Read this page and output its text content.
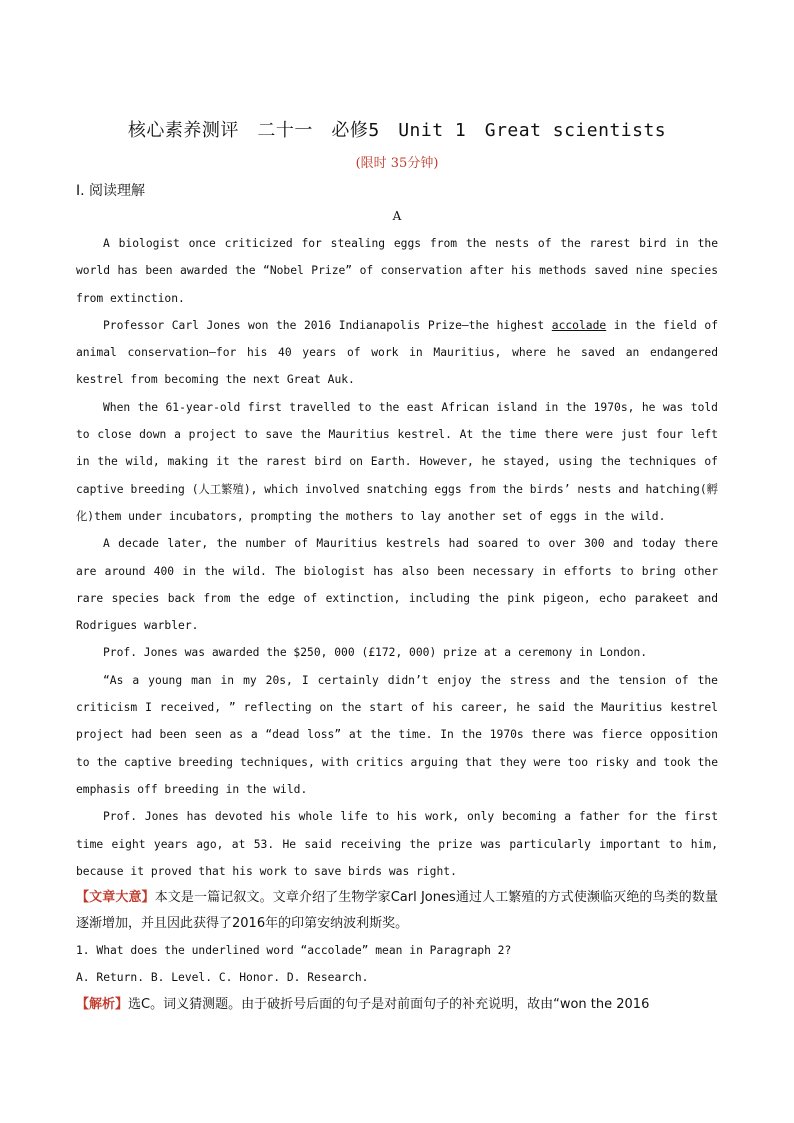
核心素养测评　二十一　必修5　Unit 1　Great scientists
(限时 35分钟)
Ⅰ. 阅读理解
A

A biologist once criticized for stealing eggs from the nests of the rarest bird in the world has been awarded the “Nobel Prize” of conservation after his methods saved nine species from extinction.

Professor Carl Jones won the 2016 Indianapolis Prize—the highest accolade in the field of animal conservation—for his 40 years of work in Mauritius, where he saved an endangered kestrel from becoming the next Great Auk.

When the 61-year-old first travelled to the east African island in the 1970s, he was told to close down a project to save the Mauritius kestrel. At the time there were just four left in the wild, making it the rarest bird on Earth. However, he stayed, using the techniques of captive breeding (人工繁殖), which involved snatching eggs from the birds’ nests and hatching(孵化)them under incubators, prompting the mothers to lay another set of eggs in the wild.

A decade later, the number of Mauritius kestrels had soared to over 300 and today there are around 400 in the wild. The biologist has also been necessary in efforts to bring other rare species back from the edge of extinction, including the pink pigeon, echo parakeet and Rodrigues warbler.

Prof. Jones was awarded the $250, 000 (£172, 000) prize at a ceremony in London.

“As a young man in my 20s, I certainly didn’t enjoy the stress and the tension of the criticism I received, ” reflecting on the start of his career, he said the Mauritius kestrel project had been seen as a “dead loss” at the time. In the 1970s there was fierce opposition to the captive breeding techniques, with critics arguing that they were too risky and took the emphasis off breeding in the wild.

Prof. Jones has devoted his whole life to his work, only becoming a father for the first time eight years ago, at 53. He said receiving the prize was particularly important to him, because it proved that his work to save birds was right.

【文章大意】本文是一篇记叙文。文章介绍了生物学家Carl Jones通过人工繁殖的方式使濒临灭绝的鸟类的数量逐渐增加，并且因此获得了2016年的印第安纳波利斯奖。

1. What does the underlined word “accolade” mean in Paragraph 2?

A. Return. B. Level. C. Honor. D. Research.

【解析】选C。词义猜测题。由于破折号后面的句子是对前面句子的补充说明，故由“won the 2016
